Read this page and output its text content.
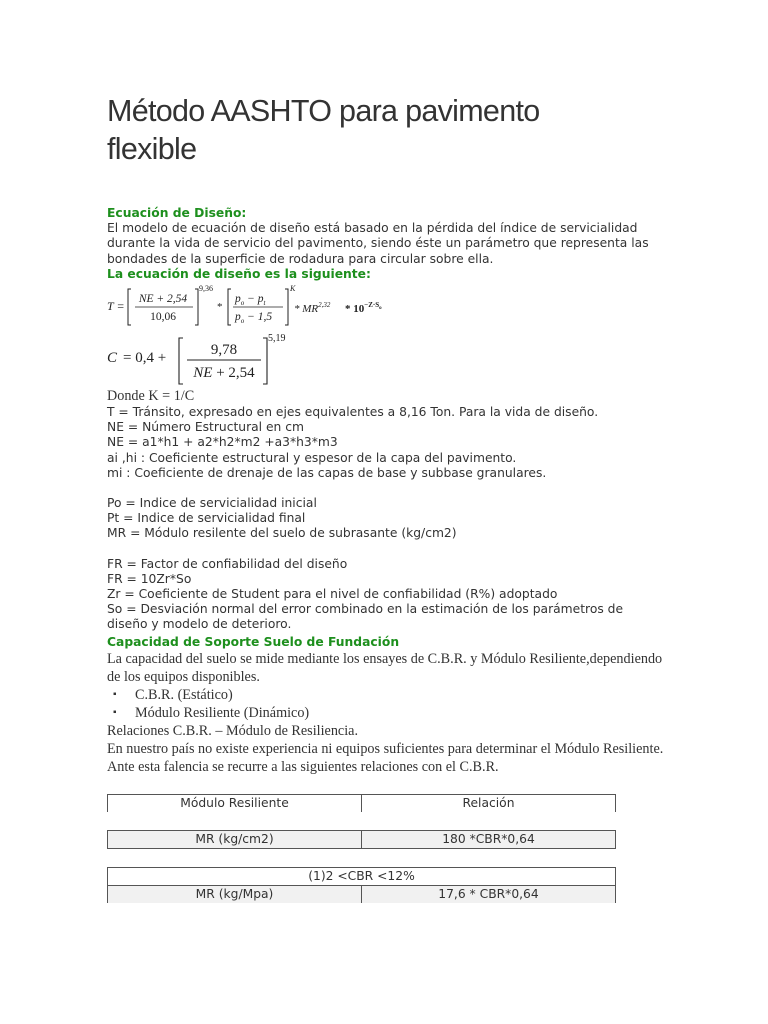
Método AASHTO para pavimento flexible

Ecuación de Diseño:

El modelo de ecuación de diseño está basado en la pérdida del índice de servicialidad durante la vida de servicio del pavimento, siendo éste un parámetro que representa las bondades de la superficie de rodadura para circular sobre ella.

La ecuación de diseño es la siguiente:

T = NE + 2,54
10,06
9,36
*
$p_o - p_t$
$p_o - 1,5$
K
* $MR^{2,32} * 10^{-Z\cdot S}o$
C = 0,4 +	9,78
NE + 2,54
5,19

Donde K = 1/C

T = Tránsito, expresado en ejes equivalentes a 8,16 Ton. Para la vida de diseño.

NE = Número Estructural en cm

NE = a1*h1 + a2*h2*m2 +a3*h3*m3

ai ,hi : Coeficiente estructural y espesor de la capa del pavimento.

mi : Coeficiente de drenaje de las capas de base y subbase granulares.

Po = Indice de servicialidad inicial

Pt = Indice de servicialidad final

MR = Módulo resilente del suelo de subrasante (kg/cm2)

FR = Factor de confiabilidad del diseño

FR = 10Zr*So

Zr = Coeficiente de Student para el nivel de confiabilidad (R%) adoptado

So = Desviación normal del error combinado en la estimación de los parámetros de diseño y modelo de deterioro.

Capacidad de Soporte Suelo de Fundación

La capacidad del suelo se mide mediante los ensayes de C.B.R. y Módulo Resiliente,dependiendo de los equipos disponibles.

▪ C.B.R. (Estático)
▪ Módulo Resiliente (Dinámico)

Relaciones C.B.R. – Módulo de Resiliencia.

En nuestro país no existe experiencia ni equipos suficientes para determinar el Módulo Resiliente.

Ante esta falencia se recurre a las siguientes relaciones con el C.B.R.

Módulo Resiliente	Relación
MR (kg/cm2)	180 *CBR*0,64
(1)2 <CBR <12%
MR (kg/Mpa)	17,6 * CBR*0,64
